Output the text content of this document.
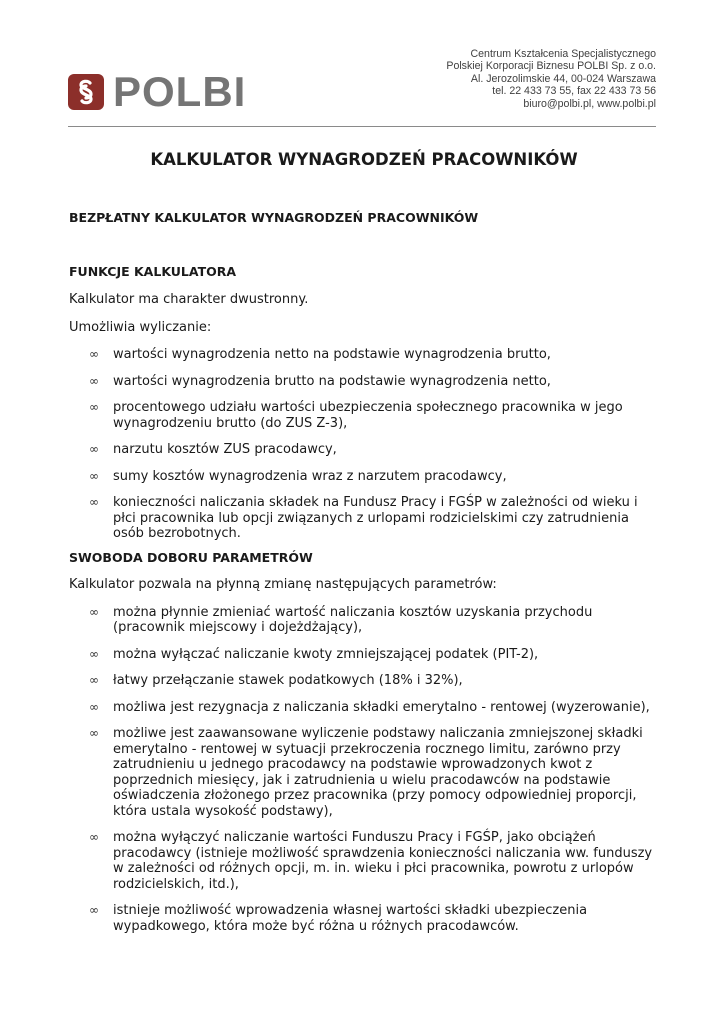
POLBI
Centrum Kształcenia Specjalistycznego
Polskiej Korporacji Biznesu POLBI Sp. z o.o.
Al. Jerozolimskie 44, 00-024 Warszawa
tel. 22 433 73 55, fax 22 433 73 56
biuro@polbi.pl, www.polbi.pl
KALKULATOR WYNAGRODZEŃ PRACOWNIKÓW
BEZPŁATNY KALKULATOR WYNAGRODZEŃ PRACOWNIKÓW
FUNKCJE KALKULATORA

Kalkulator ma charakter dwustronny.

Umożliwia wyliczanie:

∞ wartości wynagrodzenia netto na podstawie wynagrodzenia brutto,
∞ wartości wynagrodzenia brutto na podstawie wynagrodzenia netto,
∞ procentowego udziału wartości ubezpieczenia społecznego pracownika w jego wynagrodzeniu brutto (do ZUS Z-3),
∞ narzutu kosztów ZUS pracodawcy,
∞ sumy kosztów wynagrodzenia wraz z narzutem pracodawcy,
∞ konieczności naliczania składek na Fundusz Pracy i FGŚP w zależności od wieku i płci pracownika lub opcji związanych z urlopami rodzicielskimi czy zatrudnienia osób bezrobotnych.
SWOBODA DOBORU PARAMETRÓW

Kalkulator pozwala na płynną zmianę następujących parametrów:

∞ można płynnie zmieniać wartość naliczania kosztów uzyskania przychodu (pracownik miejscowy i dojeżdżający),
∞ można wyłączać naliczanie kwoty zmniejszającej podatek (PIT-2),
∞ łatwy przełączanie stawek podatkowych (18% i 32%),
∞ możliwa jest rezygnacja z naliczania składki emerytalno - rentowej (wyzerowanie),
∞ możliwe jest zaawansowane wyliczenie podstawy naliczania zmniejszonej składki emerytalno - rentowej w sytuacji przekroczenia rocznego limitu, zarówno przy zatrudnieniu u jednego pracodawcy na podstawie wprowadzonych kwot z poprzednich miesięcy, jak i zatrudnienia u wielu pracodawców na podstawie oświadczenia złożonego przez pracownika (przy pomocy odpowiedniej proporcji, która ustala wysokość podstawy),
∞ można wyłączyć naliczanie wartości Funduszu Pracy i FGŚP, jako obciążeń pracodawcy (istnieje możliwość sprawdzenia konieczności naliczania ww. funduszy w zależności od różnych opcji, m. in. wieku i płci pracownika, powrotu z urlopów rodzicielskich, itd.),
∞ istnieje możliwość wprowadzenia własnej wartości składki ubezpieczenia wypadkowego, która może być różna u różnych pracodawców.
